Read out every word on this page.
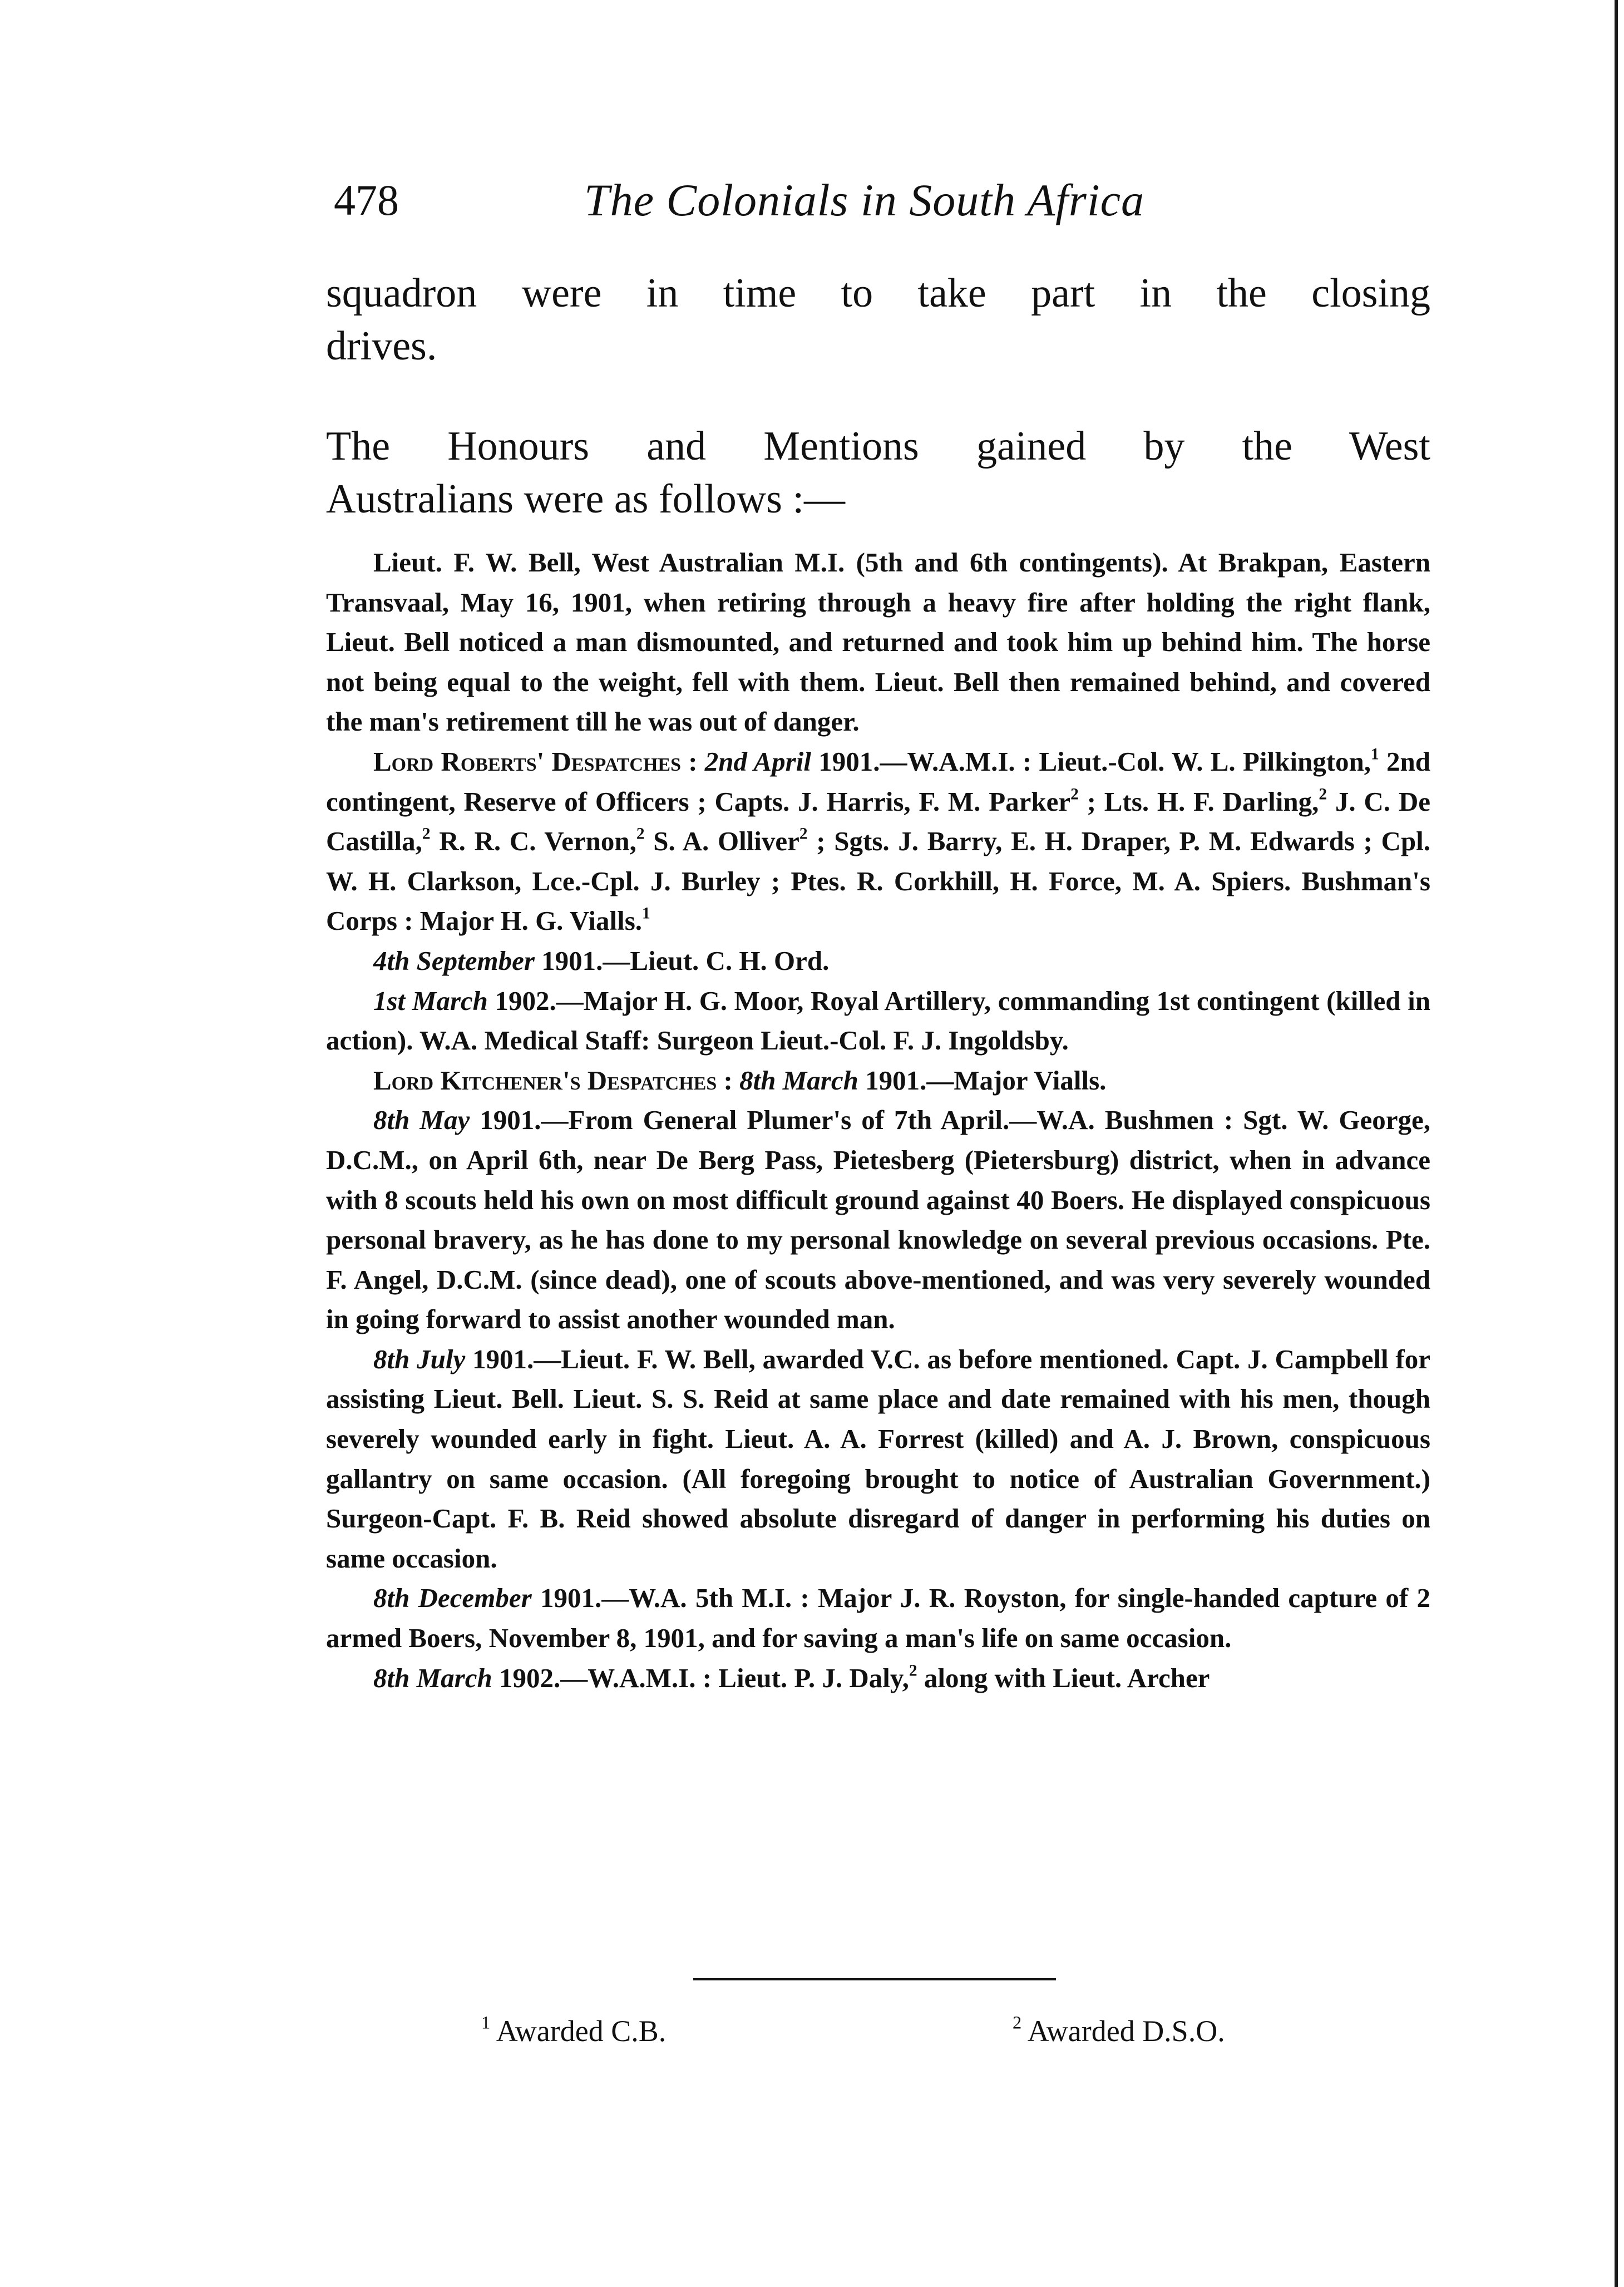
478	The Colonials in South Africa
squadron were in time to take part in the closing
drives.
The Honours and Mentions gained by the West
Australians were as follows :—

Lieut. F. W. Bell, West Australian M.I. (5th and 6th contingents). At Brakpan, Eastern Transvaal, May 16, 1901, when retiring through a heavy fire after holding the right flank, Lieut. Bell noticed a man dismounted, and returned and took him up behind him. The horse not being equal to the weight, fell with them. Lieut. Bell then remained behind, and covered the man's retirement till he was out of danger.

Lord Roberts' Despatches : 2nd April 1901.—W.A.M.I. : Lieut.-Col. W. L. Pilkington,$^1$ 2nd contingent, Reserve of Officers ; Capts. J. Harris, F. M. Parker$^2$ ; Lts. H. F. Darling,$^2$ J. C. De Castilla,$^2$ R. R. C. Vernon,$^2$ S. A. Olliver$^2$ ; Sgts. J. Barry, E. H. Draper, P. M. Edwards ; Cpl. W. H. Clarkson, Lce.-Cpl. J. Burley ; Ptes. R. Corkhill, H. Force, M. A. Spiers. Bushman's Corps : Major H. G. Vialls.$^1$

4th September 1901.—Lieut. C. H. Ord.

1st March 1902.—Major H. G. Moor, Royal Artillery, commanding 1st contingent (killed in action). W.A. Medical Staff: Surgeon Lieut.-Col. F. J. Ingoldsby.

Lord Kitchener's Despatches : 8th March 1901.—Major Vialls.

8th May 1901.—From General Plumer's of 7th April.—W.A. Bushmen : Sgt. W. George, D.C.M., on April 6th, near De Berg Pass, Pietesberg (Pietersburg) district, when in advance with 8 scouts held his own on most difficult ground against 40 Boers. He displayed conspicuous personal bravery, as he has done to my personal knowledge on several previous occasions. Pte. F. Angel, D.C.M. (since dead), one of scouts above-mentioned, and was very severely wounded in going forward to assist another wounded man.

8th July 1901.—Lieut. F. W. Bell, awarded V.C. as before mentioned. Capt. J. Campbell for assisting Lieut. Bell. Lieut. S. S. Reid at same place and date remained with his men, though severely wounded early in fight. Lieut. A. A. Forrest (killed) and A. J. Brown, conspicuous gallantry on same occasion. (All foregoing brought to notice of Australian Government.) Surgeon-Capt. F. B. Reid showed absolute disregard of danger in performing his duties on same occasion.

8th December 1901.—W.A. 5th M.I. : Major J. R. Royston, for single-handed capture of 2 armed Boers, November 8, 1901, and for saving a man's life on same occasion.

8th March 1902.—W.A.M.I. : Lieut. P. J. Daly,$^2$ along with Lieut. Archer

$^1$ Awarded C.B.	$^2$ Awarded D.S.O.
